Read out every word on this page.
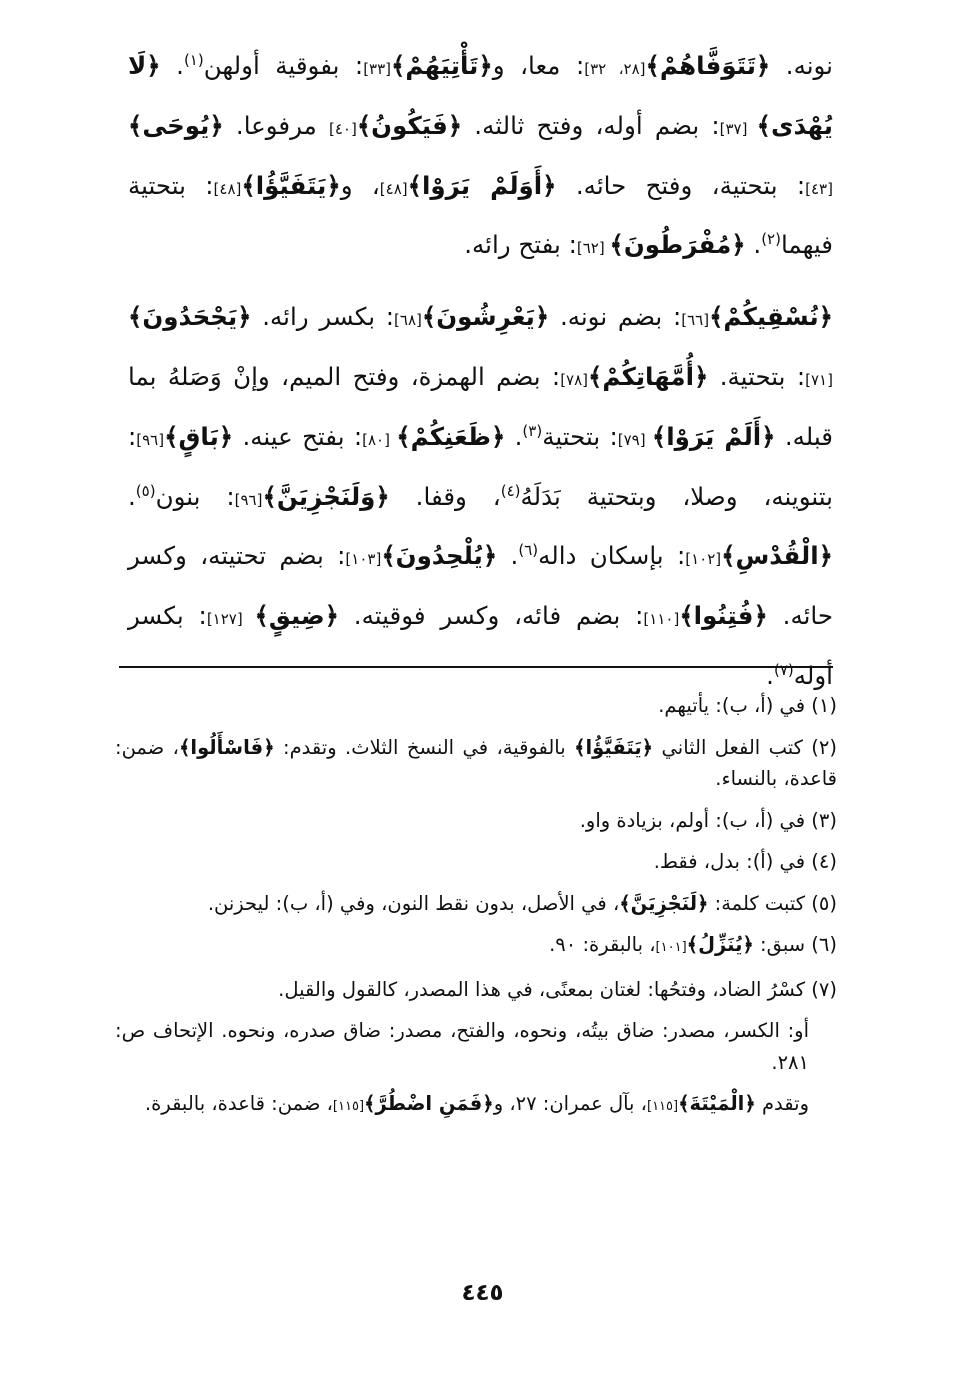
نونه. ﴿تَتَوَفَّاهُمْ﴾[٢٨، ٣٢]: معا، و﴿تَأْتِيَهُمْ﴾[٣٣]: بفوقية أولهن$^{(١)}$. ﴿لَا يُهْدَى﴾ [٣٧]: بضم أوله، وفتح ثالثه. ﴿فَيَكُونُ﴾[٤٠] مرفوعا. ﴿يُوحَى﴾[٤٣]: بتحتية، وفتح حائه. ﴿أَوَلَمْ يَرَوْا﴾[٤٨]، و﴿يَتَفَيَّؤُا﴾[٤٨]: بتحتية فيهما$^{(٢)}$. ﴿مُفْرَطُونَ﴾ [٦٢]: بفتح رائه.

﴿نُسْقِيكُمْ﴾[٦٦]: بضم نونه. ﴿يَعْرِشُونَ﴾[٦٨]: بكسر رائه. ﴿يَجْحَدُونَ﴾[٧١]: بتحتية. ﴿أُمَّهَاتِكُمْ﴾[٧٨]: بضم الهمزة، وفتح الميم، وإنْ وَصَلهُ بما قبله. ﴿أَلَمْ يَرَوْا﴾ [٧٩]: بتحتية$^{(٣)}$. ﴿ظَعَنِكُمْ﴾ [٨٠]: بفتح عينه. ﴿بَاقٍ﴾[٩٦]: بتنوينه، وصلا، وبتحتية بَدَلَهُ$^{(٤)}$، وقفا. ﴿وَلَنَجْزِيَنَّ﴾[٩٦]: بنون$^{(٥)}$. ﴿الْقُدْسِ﴾[١٠٢]: بإسكان داله$^{(٦)}$. ﴿يُلْحِدُونَ﴾[١٠٣]: بضم تحتيته، وكسر حائه. ﴿فُتِنُوا﴾[١١٠]: بضم فائه، وكسر فوقيته. ﴿ضِيقٍ﴾ [١٢٧]: بكسر أوله$^{(٧)}$.

(١) في (أ، ب): يأتيهم.

(٢) كتب الفعل الثاني ﴿يَتَفَيَّؤُا﴾ بالفوقية، في النسخ الثلاث. وتقدم: ﴿فَاسْأَلُوا﴾، ضمن: قاعدة، بالنساء.

(٣) في (أ، ب): أولم، بزيادة واو.

(٤) في (أ): بدل، فقط.

(٥) كتبت كلمة: ﴿لَنَجْزِيَنَّ﴾، في الأصل، بدون نقط النون، وفي (أ، ب): ليحزنن.

(٦) سبق: ﴿يُنَزِّلُ﴾[١٠١]، بالبقرة: ٩٠.

(٧) كسْرُ الضاد، وفتحُها: لغتان بمعنًى، في هذا المصدر، كالقول والقيل.

أو: الكسر، مصدر: ضاق بيتُه، ونحوه، والفتح، مصدر: ضاق صدره، ونحوه. الإتحاف ص: ٢٨١.

وتقدم ﴿الْمَيْتَةَ﴾[١١٥]، بآل عمران: ٢٧، و﴿فَمَنِ اضْطُرَّ﴾[١١٥]، ضمن: قاعدة، بالبقرة.

٤٤٥
